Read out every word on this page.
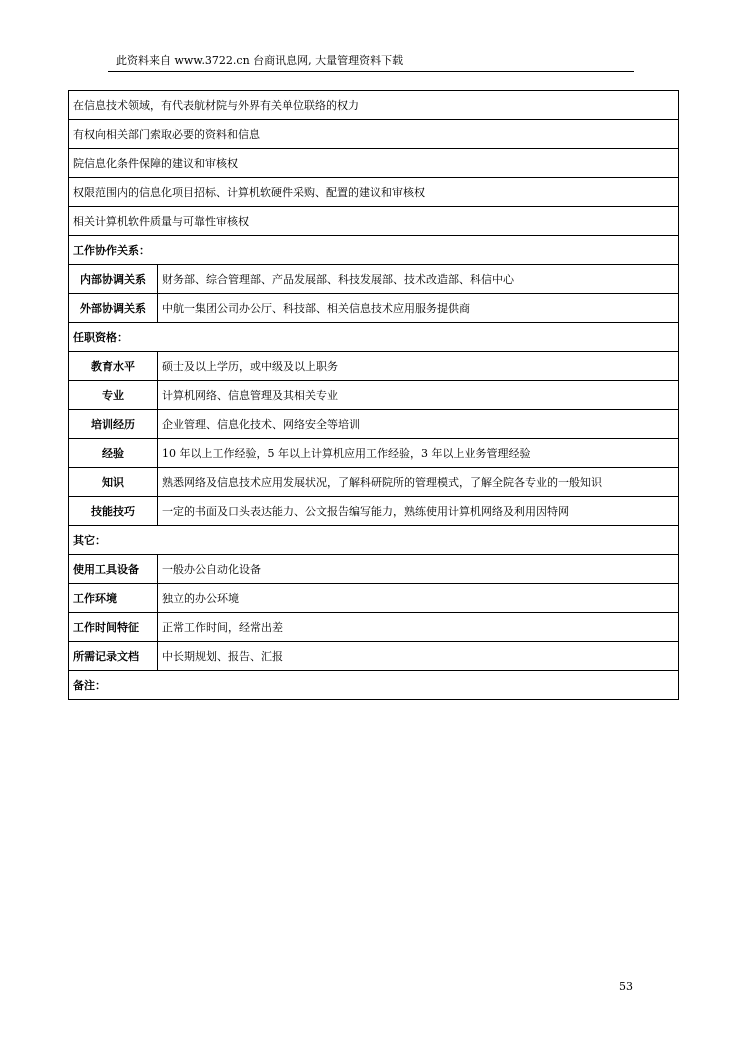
此资料来自 www.3722.cn 台商讯息网, 大量管理资料下载
在信息技术领域，有代表航材院与外界有关单位联络的权力	
有权向相关部门索取必要的资料和信息	
院信息化条件保障的建议和审核权	
权限范围内的信息化项目招标、计算机软硬件采购、配置的建议和审核权	
相关计算机软件质量与可靠性审核权	
工作协作关系：	
内部协调关系	财务部、综合管理部、产品发展部、科技发展部、技术改造部、科信中心
外部协调关系	中航一集团公司办公厅、科技部、相关信息技术应用服务提供商
任职资格：	
教育水平	硕士及以上学历，或中级及以上职务
专业	计算机网络、信息管理及其相关专业
培训经历	企业管理、信息化技术、网络安全等培训
经验	10 年以上工作经验，5 年以上计算机应用工作经验，3 年以上业务管理经验
知识	熟悉网络及信息技术应用发展状况，了解科研院所的管理模式，了解全院各专业的一般知识
技能技巧	一定的书面及口头表达能力、公文报告编写能力，熟练使用计算机网络及利用因特网
其它：	
使用工具设备	一般办公自动化设备
工作环境	独立的办公环境
工作时间特征	正常工作时间，经常出差
所需记录文档	中长期规划、报告、汇报
备注：	
53
